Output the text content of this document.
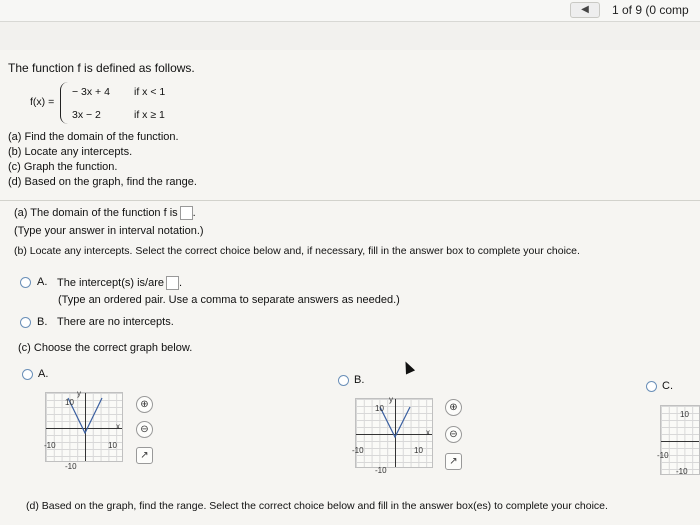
◀	1 of 9 (0 comp
The function f is defined as follows.
f(x) =
− 3x + 4 if x < 1
3x − 2	if x ≥ 1
(a) Find the domain of the function.
(b) Locate any intercepts.
(c) Graph the function.
(d) Based on the graph, find the range.
(a) The domain of the function f is .
(Type your answer in interval notation.)
(b) Locate any intercepts. Select the correct choice below and, if necessary, fill in the answer box to complete your choice.
A. The intercept(s) is/are .
(Type an ordered pair. Use a comma to separate answers as needed.)
B. There are no intercepts.
(c) Choose the correct graph below.
A.
10
y
x
-10	10
-10
⊕
⊖
↗
B.
10
y
x
-10	10
-10
⊕
⊖
↗
C.
10
-10
-10
(d) Based on the graph, find the range. Select the correct choice below and fill in the answer box(es) to complete your choice.
